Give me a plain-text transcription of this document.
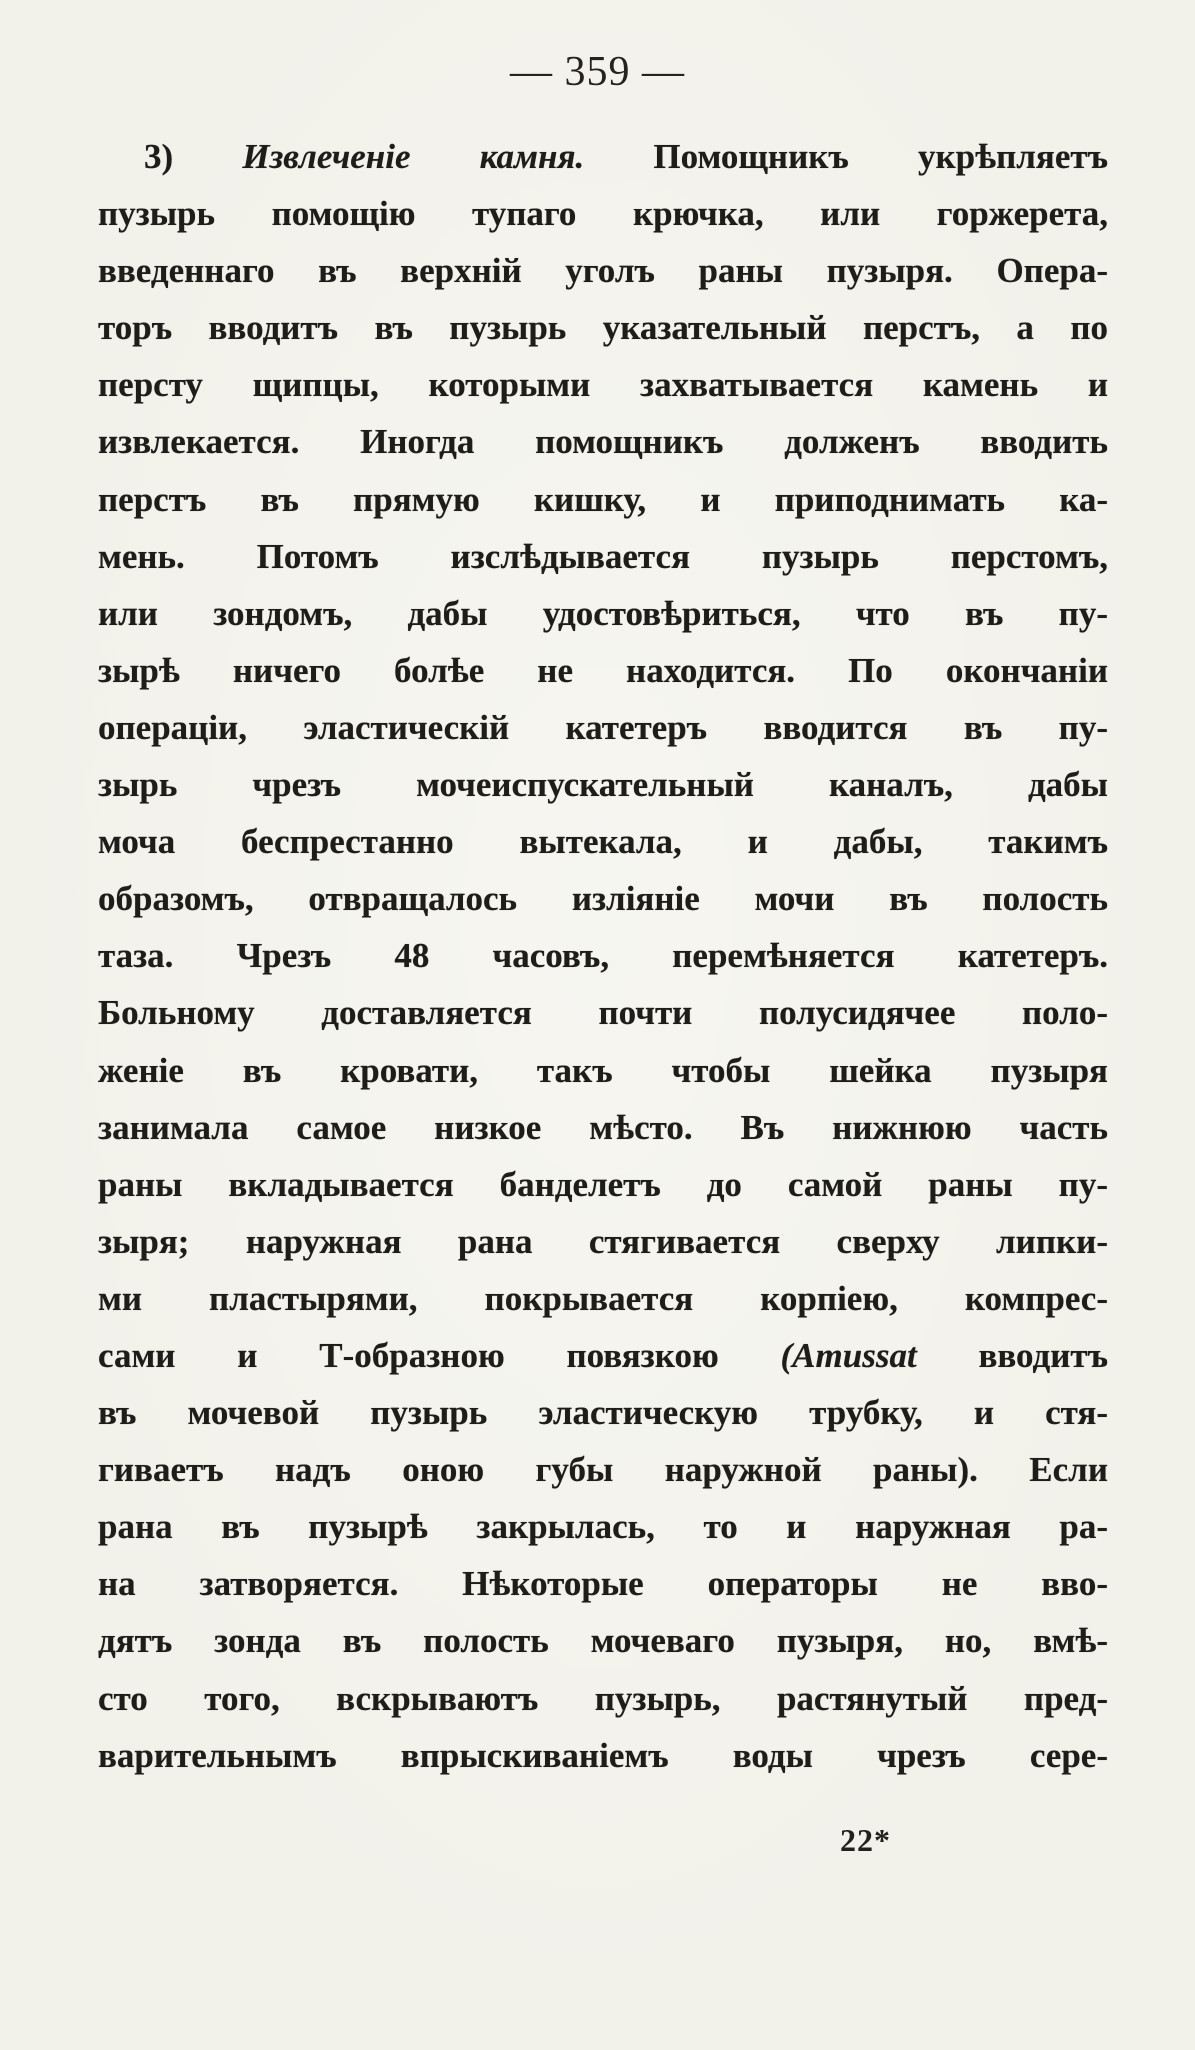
— 359 —
3) Извлеченіе камня. Помощникъ укрѣпляетъ
пузырь помощію тупаго крючка, или горжерета,
введеннаго въ верхній уголъ раны пузыря. Опера-
торъ вводитъ въ пузырь указательный перстъ, а по
персту щипцы, которыми захватывается камень и
извлекается. Иногда помощникъ долженъ вводить
перстъ въ прямую кишку, и приподнимать ка-
мень. Потомъ изслѣдывается пузырь перстомъ,
или зондомъ, дабы удостовѣриться, что въ пу-
зырѣ ничего болѣе не находится. По окончаніи
операціи, эластическій катетеръ вводится въ пу-
зырь чрезъ мочеиспускательный каналъ, дабы
моча беспрестанно вытекала, и дабы, такимъ
образомъ, отвращалось изліяніе мочи въ полость
таза. Чрезъ 48 часовъ, перемѣняется катетеръ.
Больному доставляется почти полусидячее поло-
женіе въ кровати, такъ чтобы шейка пузыря
занимала самое низкое мѣсто. Въ нижнюю часть
раны вкладывается банделетъ до самой раны пу-
зыря; наружная рана стягивается сверху липки-
ми пластырями, покрывается корпіею, компрес-
сами и Т-образною повязкою (Amussat вводитъ
въ мочевой пузырь эластическую трубку, и стя-
гиваетъ надъ оною губы наружной раны). Если
рана въ пузырѣ закрылась, то и наружная ра-
на затворяется. Нѣкоторые операторы не вво-
дятъ зонда въ полость мочеваго пузыря, но, вмѣ-
сто того, вскрываютъ пузырь, растянутый пред-
варительнымъ впрыскиваніемъ воды чрезъ сере-
22*
